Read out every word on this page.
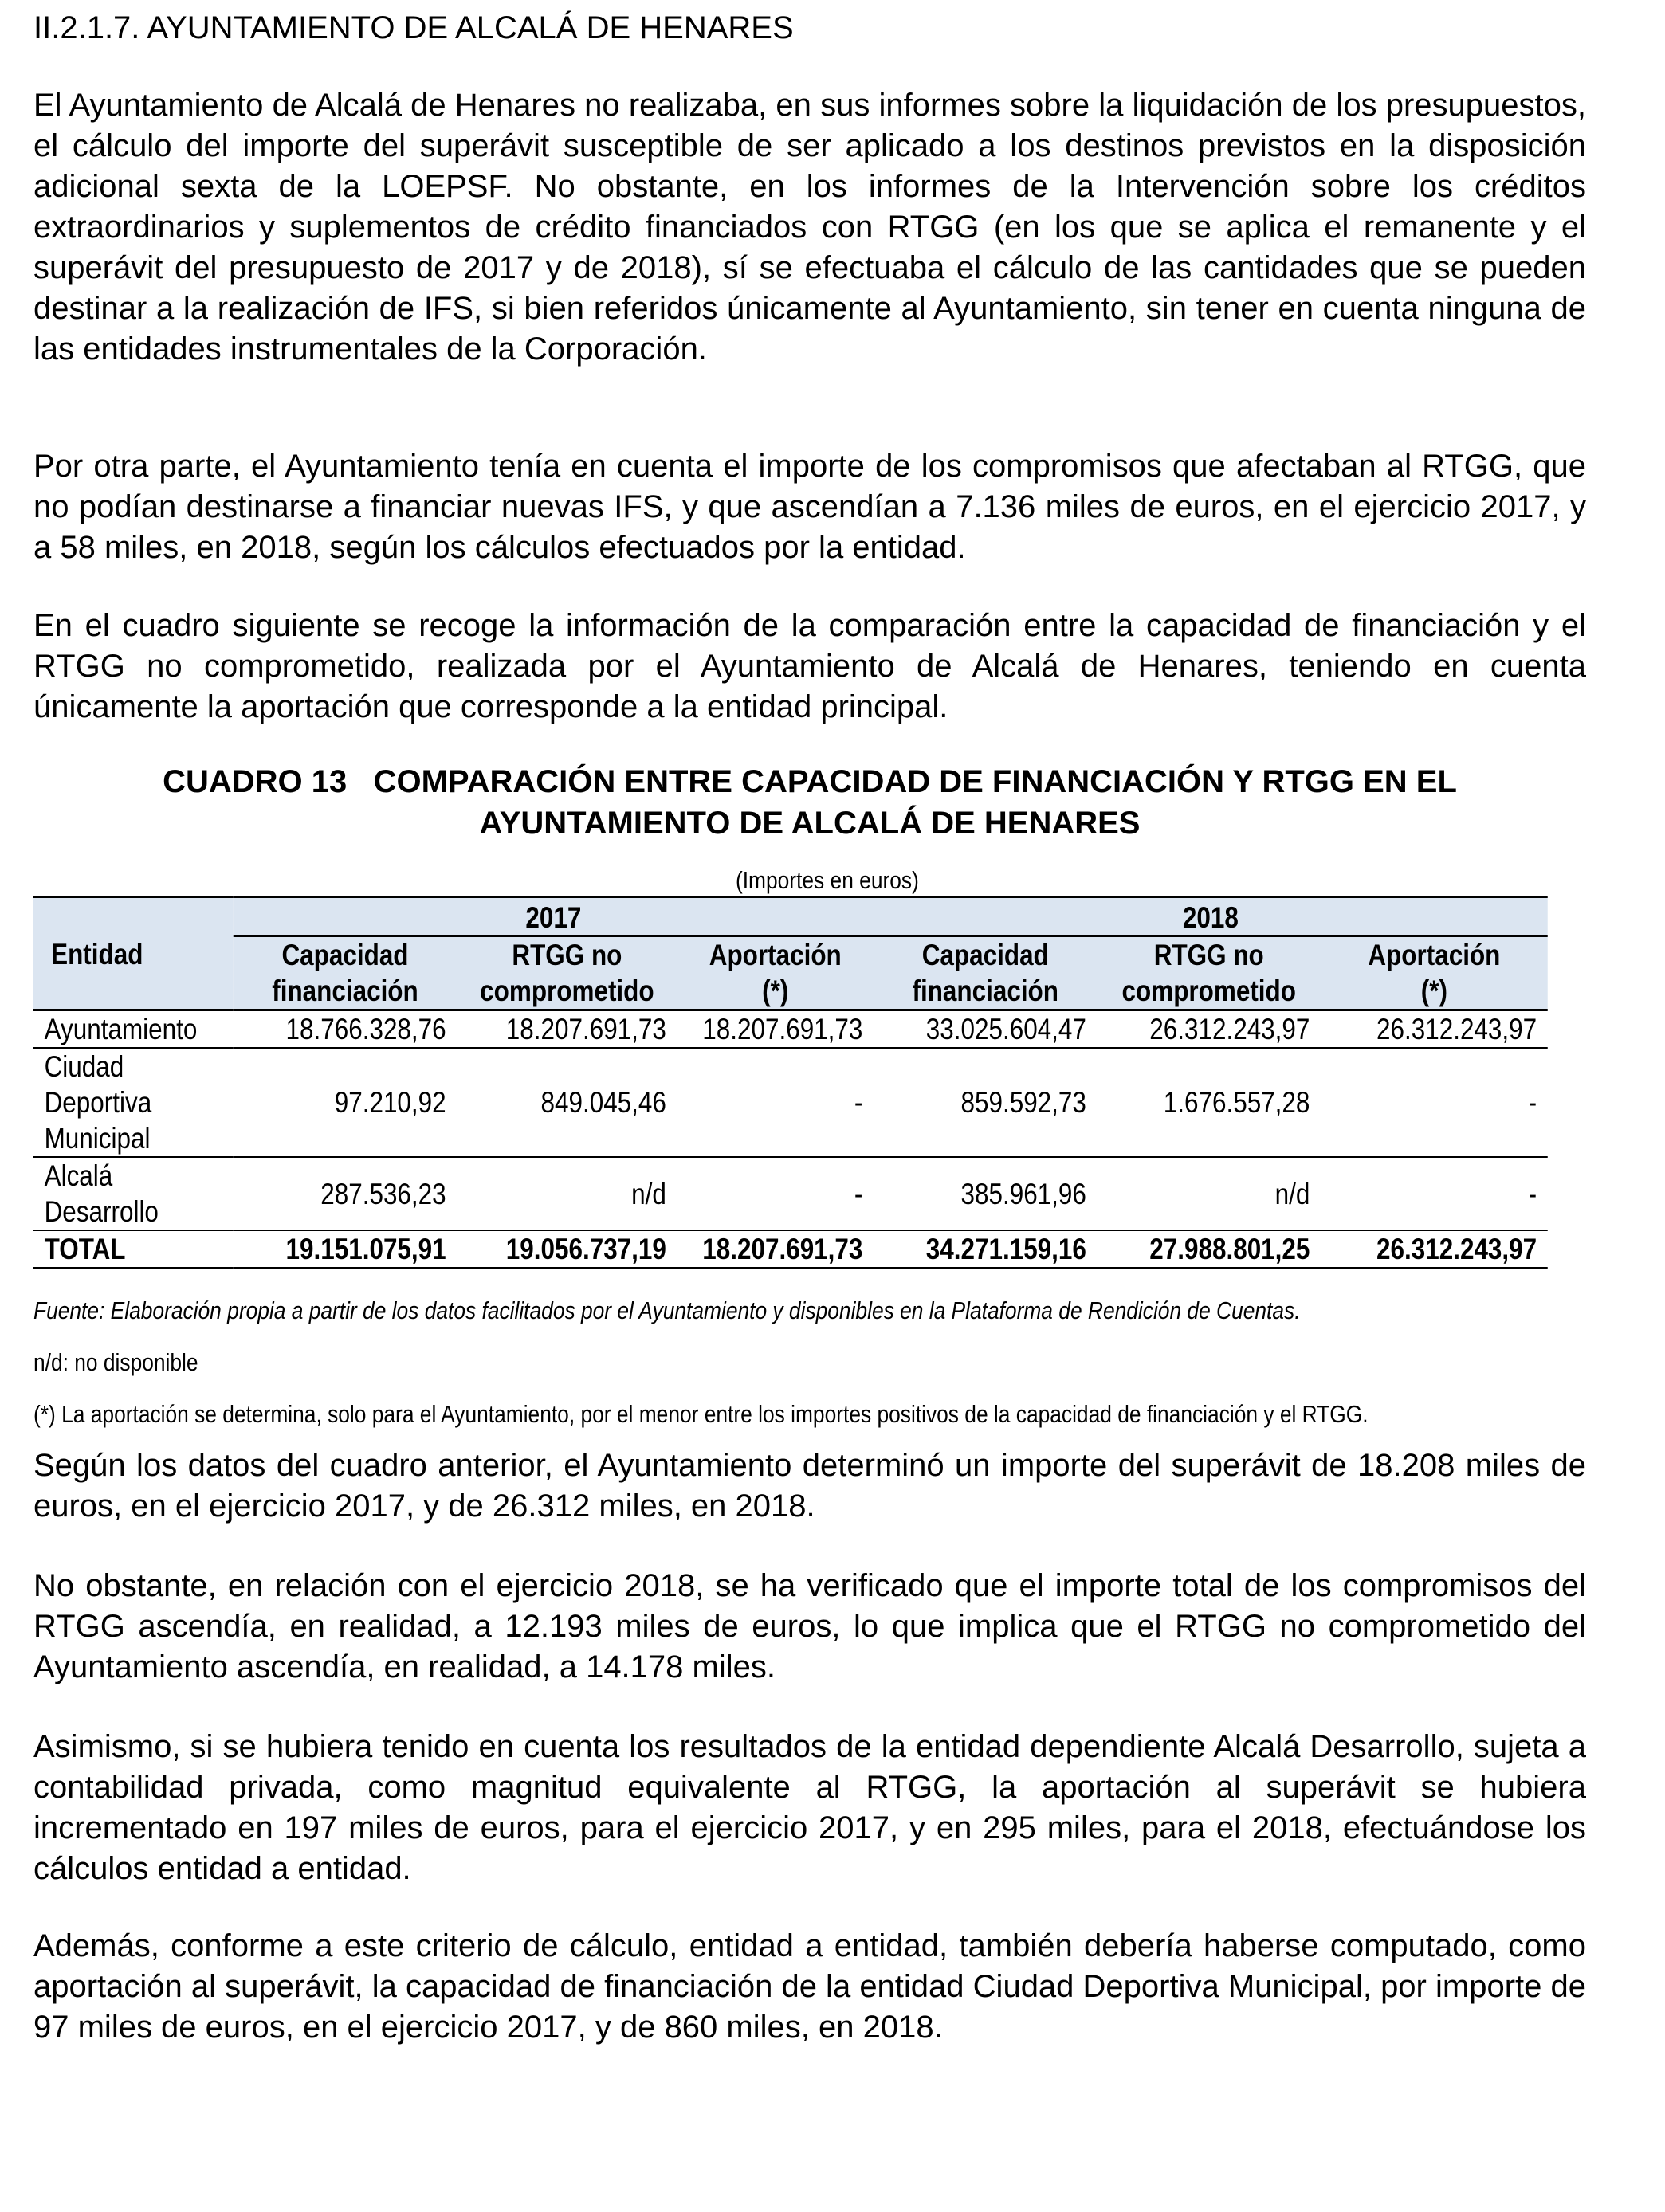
II.2.1.7. AYUNTAMIENTO DE ALCALÁ DE HENARES

El Ayuntamiento de Alcalá de Henares no realizaba, en sus informes sobre la liquidación de los presupuestos, el cálculo del importe del superávit susceptible de ser aplicado a los destinos previstos en la disposición adicional sexta de la LOEPSF. No obstante, en los informes de la Intervención sobre los créditos extraordinarios y suplementos de crédito financiados con RTGG (en los que se aplica el remanente y el superávit del presupuesto de 2017 y de 2018), sí se efectuaba el cálculo de las cantidades que se pueden destinar a la realización de IFS, si bien referidos únicamente al Ayuntamiento, sin tener en cuenta ninguna de las entidades instrumentales de la Corporación.

Por otra parte, el Ayuntamiento tenía en cuenta el importe de los compromisos que afectaban al RTGG, que no podían destinarse a financiar nuevas IFS, y que ascendían a 7.136 miles de euros, en el ejercicio 2017, y a 58 miles, en 2018, según los cálculos efectuados por la entidad.

En el cuadro siguiente se recoge la información de la comparación entre la capacidad de financiación y el RTGG no comprometido, realizada por el Ayuntamiento de Alcalá de Henares, teniendo en cuenta únicamente la aportación que corresponde a la entidad principal.

CUADRO 13   COMPARACIÓN ENTRE CAPACIDAD DE FINANCIACIÓN Y RTGG EN EL
AYUNTAMIENTO DE ALCALÁ DE HENARES
(Importes en euros)
Entidad	2017			2018		
	Capacidad	RTGG no	Aportación	Capacidad	RTGG no	Aportación
	financiación	comprometido	(*)	financiación	comprometido	(*)
Ayuntamiento	18.766.328,76	18.207.691,73	18.207.691,73	33.025.604,47	26.312.243,97	26.312.243,97

Ciudad
Deportiva
Municipal	97.210,92	849.045,46	-	859.592,73	1.676.557,28	-

Alcalá
Desarrollo	287.536,23	n/d	-	385.961,96	n/d	-
TOTAL	19.151.075,91	19.056.737,19	18.207.691,73	34.271.159,16	27.988.801,25	26.312.243,97
Fuente: Elaboración propia a partir de los datos facilitados por el Ayuntamiento y disponibles en la Plataforma de Rendición de Cuentas.
n/d: no disponible
(*) La aportación se determina, solo para el Ayuntamiento, por el menor entre los importes positivos de la capacidad de financiación y el RTGG.

Según los datos del cuadro anterior, el Ayuntamiento determinó un importe del superávit de 18.208 miles de euros, en el ejercicio 2017, y de 26.312 miles, en 2018.

No obstante, en relación con el ejercicio 2018, se ha verificado que el importe total de los compromisos del RTGG ascendía, en realidad, a 12.193 miles de euros, lo que implica que el RTGG no comprometido del Ayuntamiento ascendía, en realidad, a 14.178 miles.

Asimismo, si se hubiera tenido en cuenta los resultados de la entidad dependiente Alcalá Desarrollo, sujeta a contabilidad privada, como magnitud equivalente al RTGG, la aportación al superávit se hubiera incrementado en 197 miles de euros, para el ejercicio 2017, y en 295 miles, para el 2018, efectuándose los cálculos entidad a entidad.

Además, conforme a este criterio de cálculo, entidad a entidad, también debería haberse computado, como aportación al superávit, la capacidad de financiación de la entidad Ciudad Deportiva Municipal, por importe de 97 miles de euros, en el ejercicio 2017, y de 860 miles, en 2018.
